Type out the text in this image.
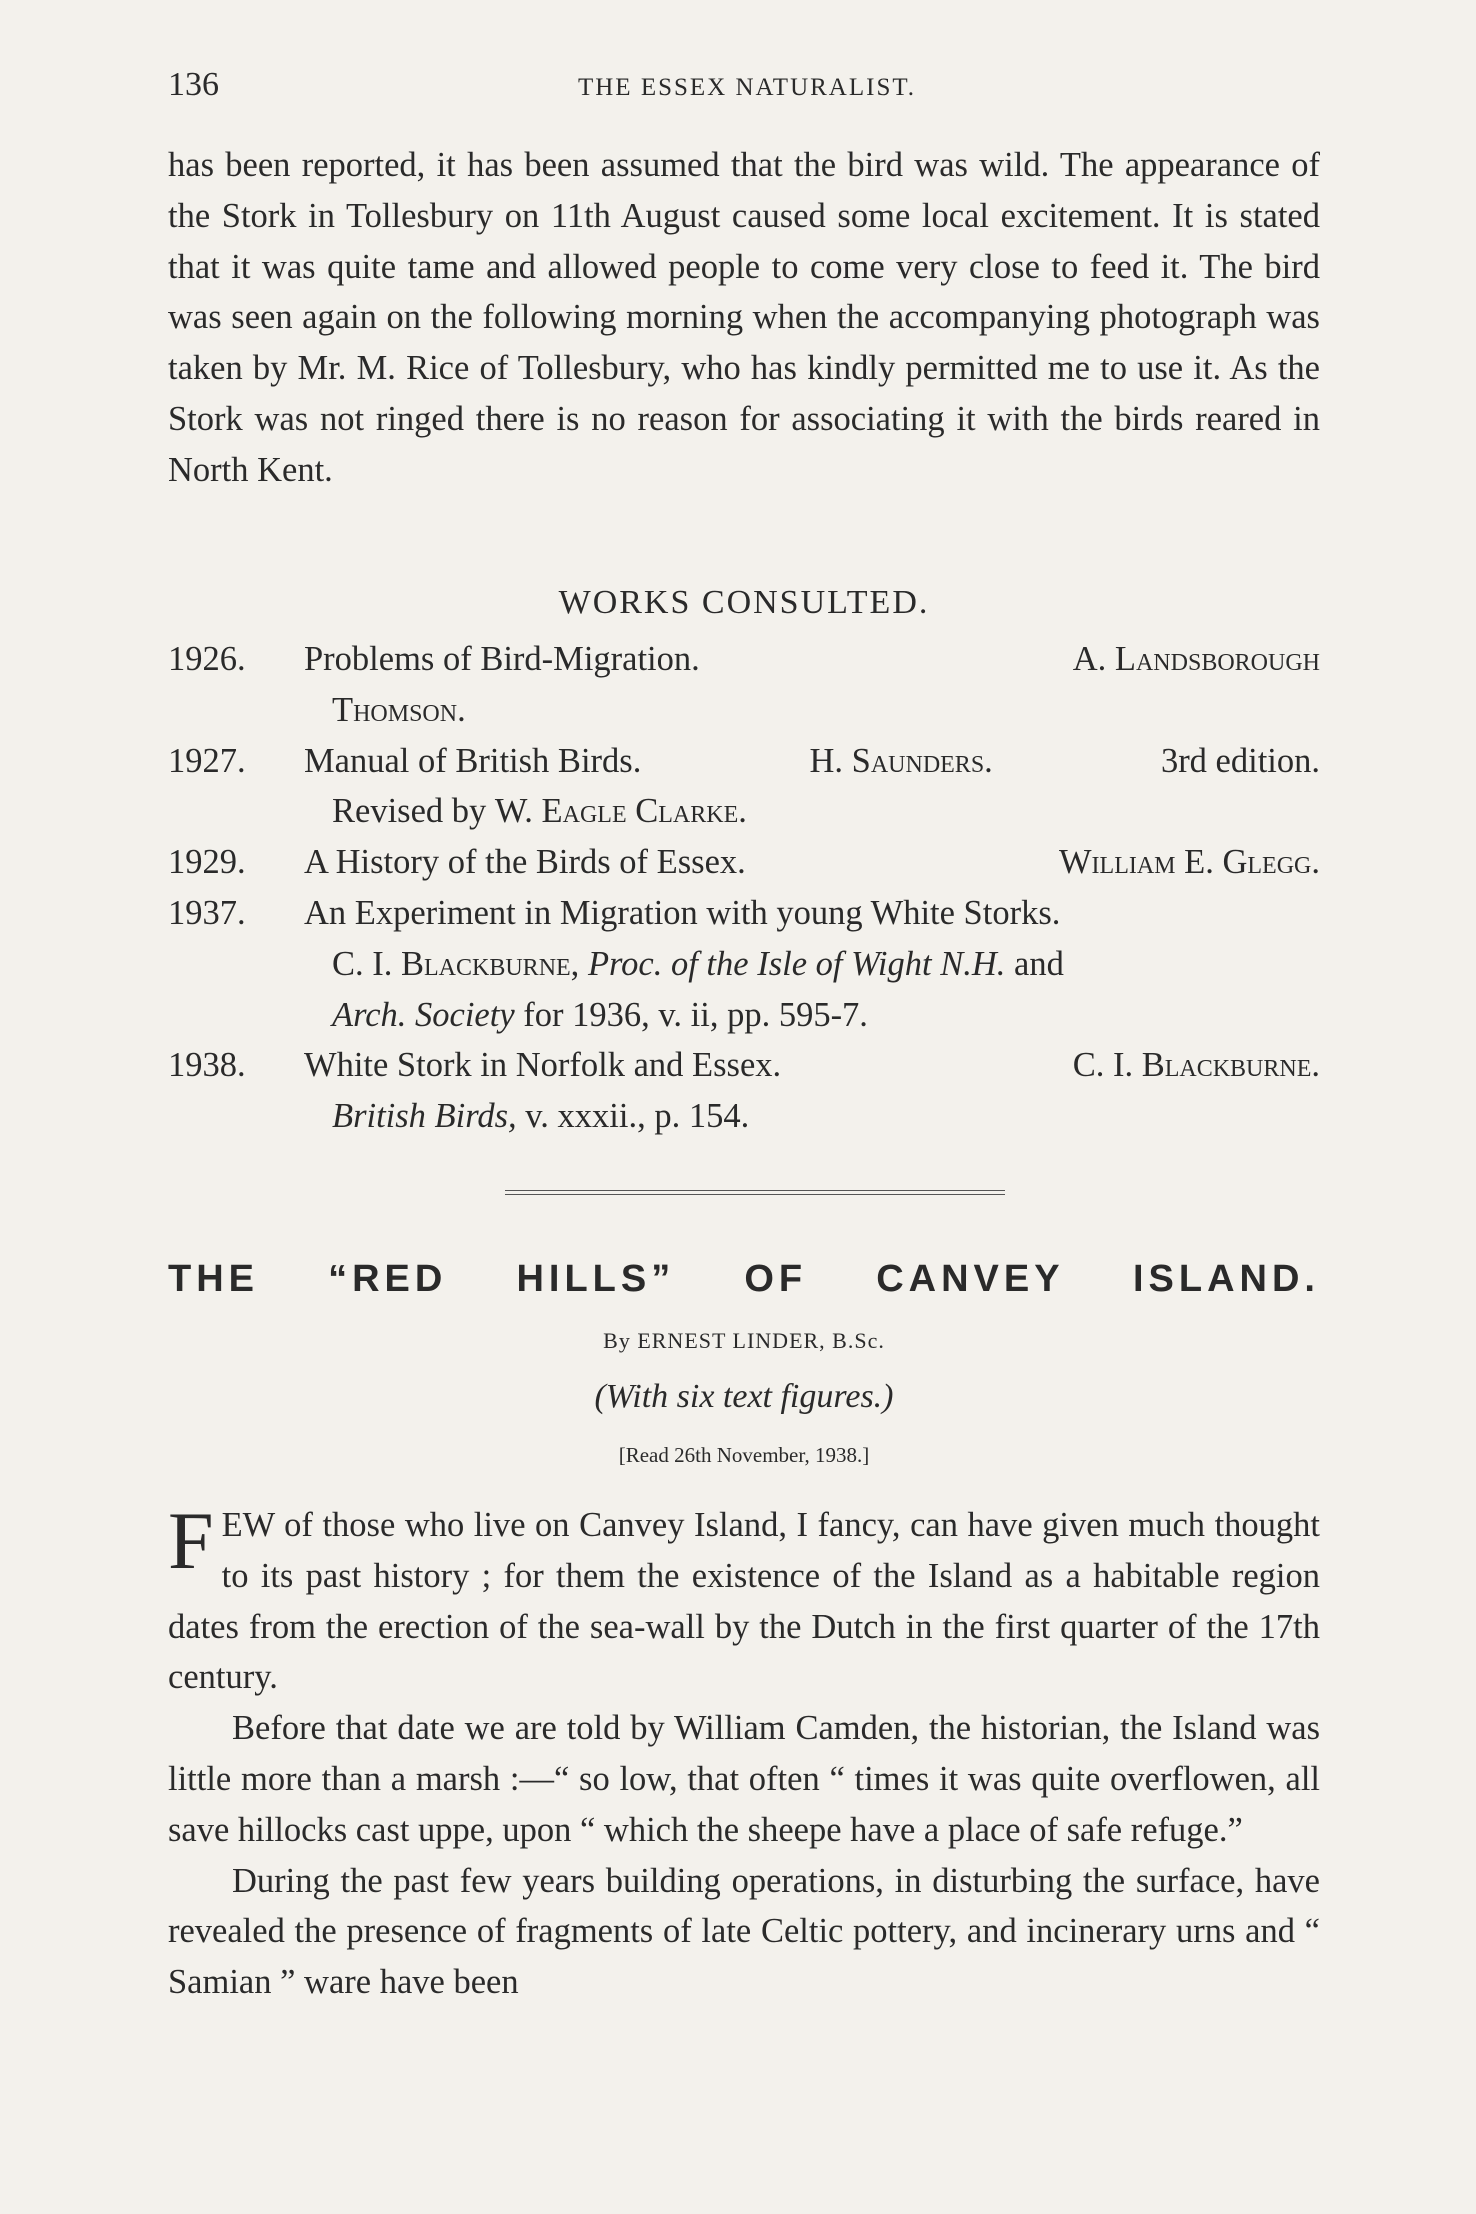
136	THE ESSEX NATURALIST.

has been reported, it has been assumed that the bird was wild. The appearance of the Stork in Tollesbury on 11th August caused some local excitement. It is stated that it was quite tame and allowed people to come very close to feed it. The bird was seen again on the following morning when the accompanying photograph was taken by Mr. M. Rice of Tollesbury, who has kindly permitted me to use it. As the Stork was not ringed there is no reason for associating it with the birds reared in North Kent.

WORKS CONSULTED.
1926. Problems of Bird-Migration.	A. Landsborough
Thomson.
1927. Manual of British Birds.	H. Saunders.	3rd edition.
Revised by W. Eagle Clarke.
1929. A History of the Birds of Essex.	William E. Glegg.
1937. An Experiment in Migration with young White Storks.
C. I. Blackburne, Proc. of the Isle of Wight N.H. and
Arch. Society for 1936, v. ii, pp. 595-7.
1938. White Stork in Norfolk and Essex.	C. I. Blackburne.
British Birds, v. xxxii., p. 154.
THE “RED HILLS” OF CANVEY ISLAND.
By ERNEST LINDER, B.Sc.
(With six text figures.)
[Read 26th November, 1938.]

F EW of those who live on Canvey Island, I fancy, can have given much thought to its past history ; for them the existence of the Island as a habitable region dates from the erection of the sea-wall by the Dutch in the first quarter of the 17th century.

Before that date we are told by William Camden, the historian, the Island was little more than a marsh :—“ so low, that often “ times it was quite overflowen, all save hillocks cast uppe, upon “ which the sheepe have a place of safe refuge.”

During the past few years building operations, in disturbing the surface, have revealed the presence of fragments of late Celtic pottery, and incinerary urns and “ Samian ” ware have been
